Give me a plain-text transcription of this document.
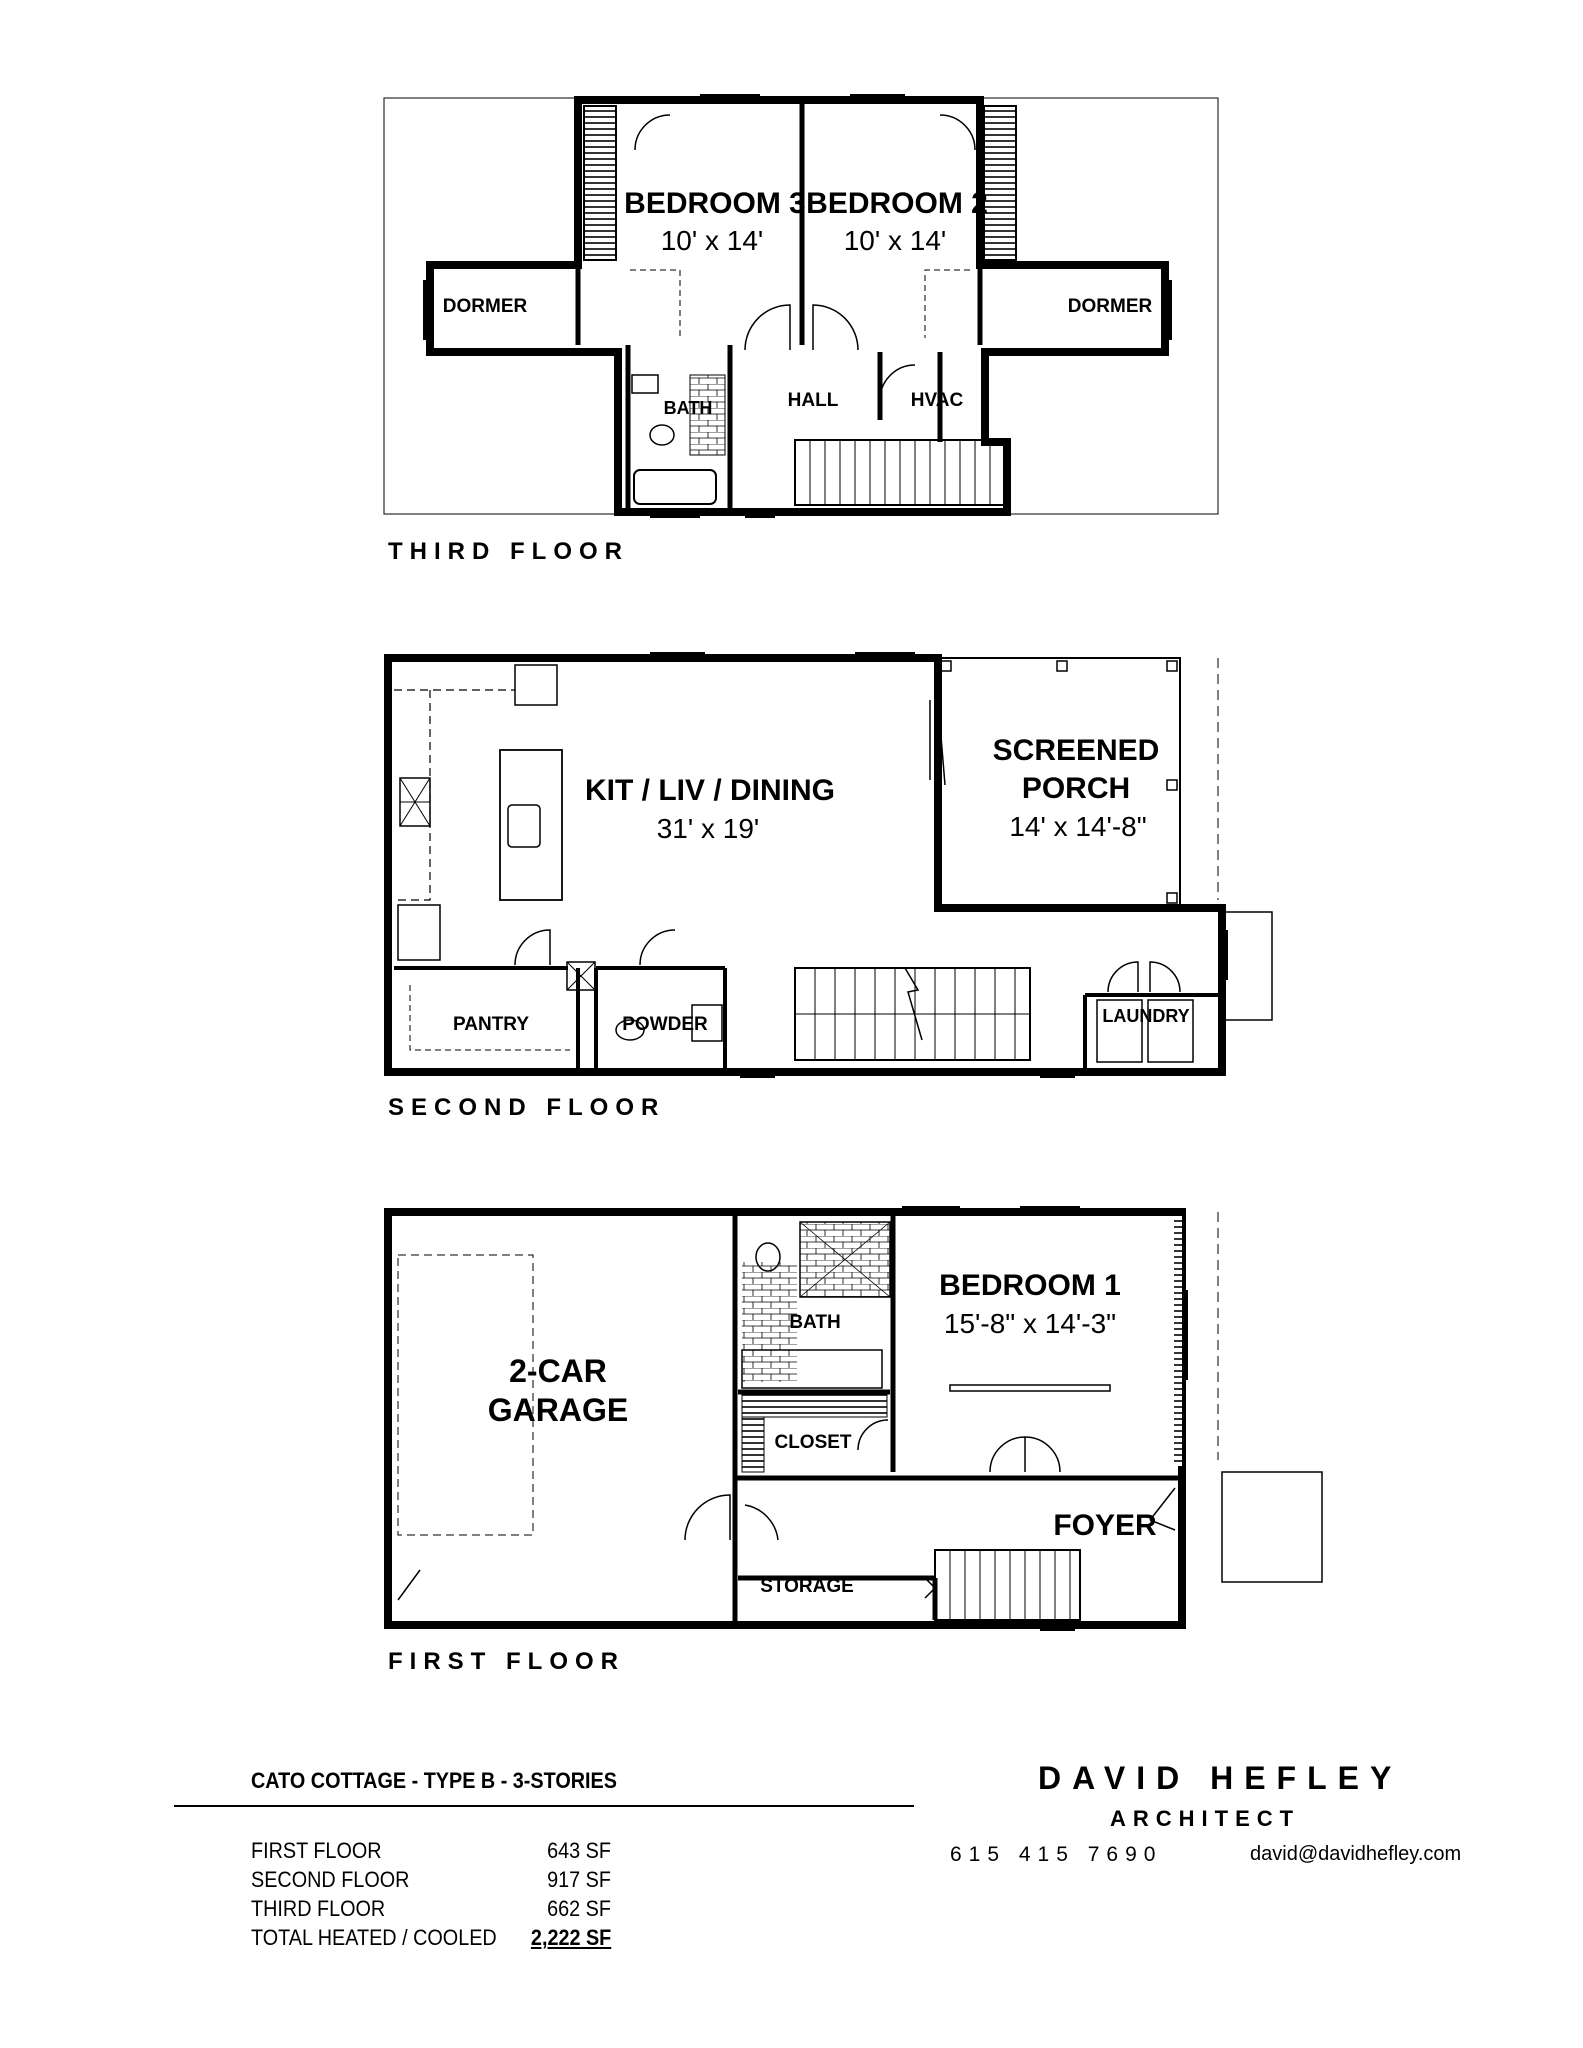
BEDROOM 3
10' x 14'
BEDROOM 2
10' x 14'
DORMER	DORMER
BATH	HALL	HVAC
KIT / LIV / DINING
31' x 19'
SCREENED
PORCH
14' x 14'-8"
PANTRY	POWDER	LAUNDRY
2-CAR
GARAGE
BEDROOM 1
15'-8" x 14'-3"
BATH
CLOSET
FOYER
STORAGE
THIRD FLOOR
SECOND FLOOR
FIRST FLOOR
CATO COTTAGE - TYPE B - 3-STORIES
FIRST FLOOR	643 SF
SECOND FLOOR	917 SF
THIRD FLOOR	662 SF
TOTAL HEATED / COOLED 2,222 SF
DAVID HEFLEY
ARCHITECT
615 415 7690	david@davidhefley.com
